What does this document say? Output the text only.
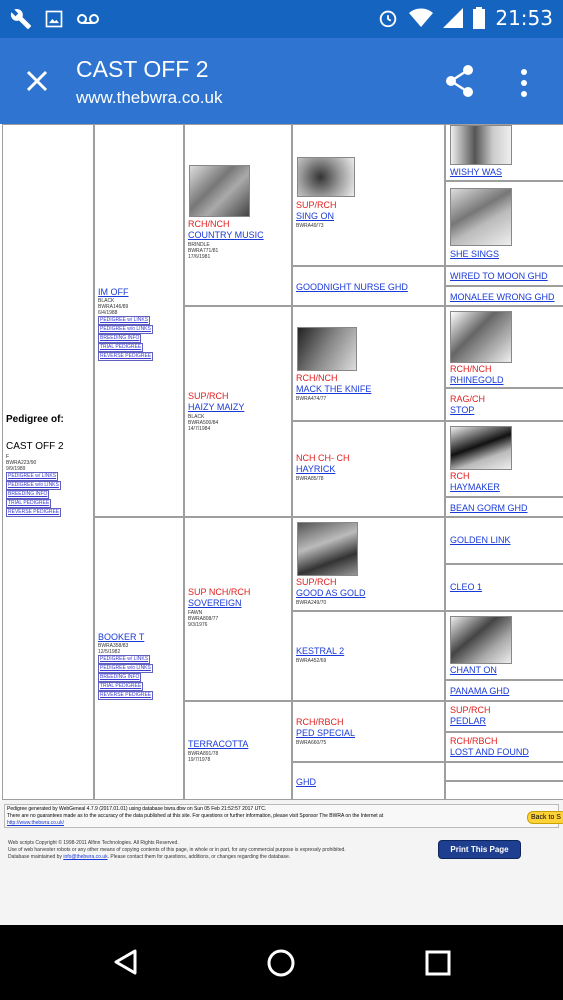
21:53
CAST OFF 2
www.thebwra.co.uk
Pedigree of:
CAST OFF 2
F
BWRA223/90
9/9/1989
PEDIGREE w/ LINKS
PEDIGREE w/o LINKS
BREEDING INFO
TRIAL PEDIGREE
REVERSE PEDIGREE
IM OFF
BLACK
BWRA146/89
6/4/1988
PEDIGREE w/ LINKS
PEDIGREE w/o LINKS
BREEDING INFO
TRIAL PEDIGREE
REVERSE PEDIGREE
BOOKER T
BWRA358/83
12/5/1982
PEDIGREE w/ LINKS
PEDIGREE w/o LINKS
BREEDING INFO
TRIAL PEDIGREE
REVERSE PEDIGREE
RCH/NCH
COUNTRY MUSIC
BRINDLE
BWRA771/81
17/6/1981
SUP/RCH
HAIZY MAIZY
BLACK
BWRA500/84
14/7/1984
SUP NCH/RCH
SOVEREIGN
FAWN
BWRA808/77
9/3/1976
TERRACOTTA
BWRA891/78
19/7/1978
SUP/RCH
SING ON
BWRA49/73
GOODNIGHT NURSE GHD
RCH/NCH
MACK THE KNIFE
BWRA474/77
NCH CH- CH
HAYRICK
BWRA85/78
SUP/RCH
GOOD AS GOLD
BWRA249/70
KESTRAL 2
BWRA452/69
RCH/RBCH
PED SPECIAL
BWRA660/75
GHD
WISHY WAS
SHE SINGS
WIRED TO MOON GHD
MONALEE WRONG GHD
RCH/NCH
RHINEGOLD
RAG/CH
STOP
RCH
HAYMAKER
BEAN GORM GHD
GOLDEN LINK
CLEO 1
CHANT ON
PANAMA GHD
SUP/RCH
PEDLAR
RCH/RBCH
LOST AND FOUND
Pedigree generated by WebGeneal 4.7.9 (2017.01.01) using database bwra.dbw on Sun 05 Feb 21:52:57 2017 UTC.
There are no guarantees made as to the accuracy of the data published at this site. For questions or further information, please visit Sponsor The BWRA on the Internet at
http://www.thebwra.co.uk/
Back to S
Web scripts Copyright © 1998-2011 Alfinn Technologies. All Rights Reserved.
Use of web harvester robots or any other means of copying contents of this page, in whole or in part, for any commercial purpose is expressly prohibited.
Database maintained by info@thebwra.co.uk. Please contact them for questions, additions, or changes regarding the database.
Print This Page
